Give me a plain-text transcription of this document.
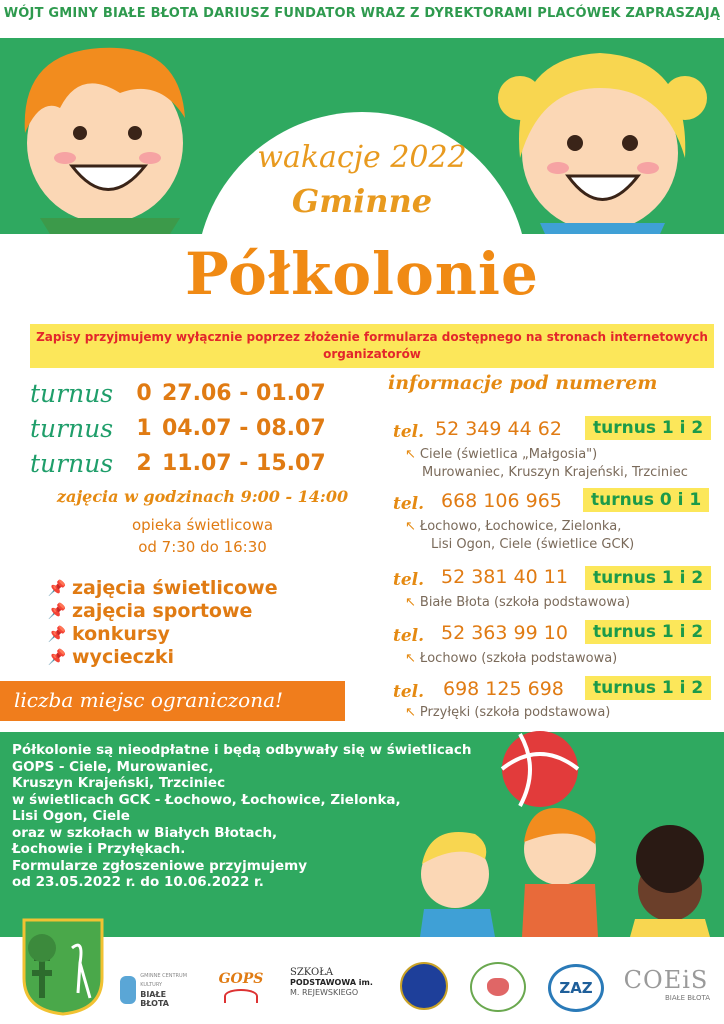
WÓJT GMINY BIAŁE BŁOTA DARIUSZ FUNDATOR WRAZ Z DYREKTORAMI PLACÓWEK ZAPRASZAJĄ
wakacje 2022
Gminne
Półkolonie
Zapisy przyjmujemy wyłącznie poprzez złożenie formularza dostępnego na stronach internetowych organizatorów
turnus	0 27.06 - 01.07
turnus	1 04.07 - 08.07
turnus	2 11.07 - 15.07
zajęcia w godzinach 9:00 - 14:00
opieka świetlicowa
od 7:30 do 16:30
📌 zajęcia świetlicowe
📌 zajęcia sportowe
📌 konkursy
📌 wycieczki
liczba miejsc ograniczona!
informacje pod numerem
tel. 52 349 44 62	turnus 1 i 2
↖ Ciele (świetlica „Małgosia")
Murowaniec, Kruszyn Krajeński, Trzciniec
tel. 668 106 965	turnus 0 i 1
↖ Łochowo, Łochowice, Zielonka,
Lisi Ogon, Ciele (świetlice GCK)
tel. 52 381 40 11	turnus 1 i 2
↖ Białe Błota (szkoła podstawowa)
tel. 52 363 99 10	turnus 1 i 2
↖ Łochowo (szkoła podstawowa)
tel. 698 125 698	turnus 1 i 2
↖ Przyłęki (szkoła podstawowa)
Półkolonie są nieodpłatne i będą odbywały się w świetlicach
GOPS - Ciele, Murowaniec,
Kruszyn Krajeński, Trzciniec
w świetlicach GCK - Łochowo, Łochowice, Zielonka,
Lisi Ogon, Ciele
oraz w szkołach w Białych Błotach,
Łochowie i Przyłękach.
Formularze zgłoszeniowe przyjmujemy
od 23.05.2022 r. do 10.06.2022 r.
GMINNE CENTRUM KULTURY
BIAŁE BŁOTA
GOPS	SZKOŁA
PODSTAWOWA im.
M. REJEWSKIEGO	ZAZ	COEiS
BIAŁE BŁOTA
